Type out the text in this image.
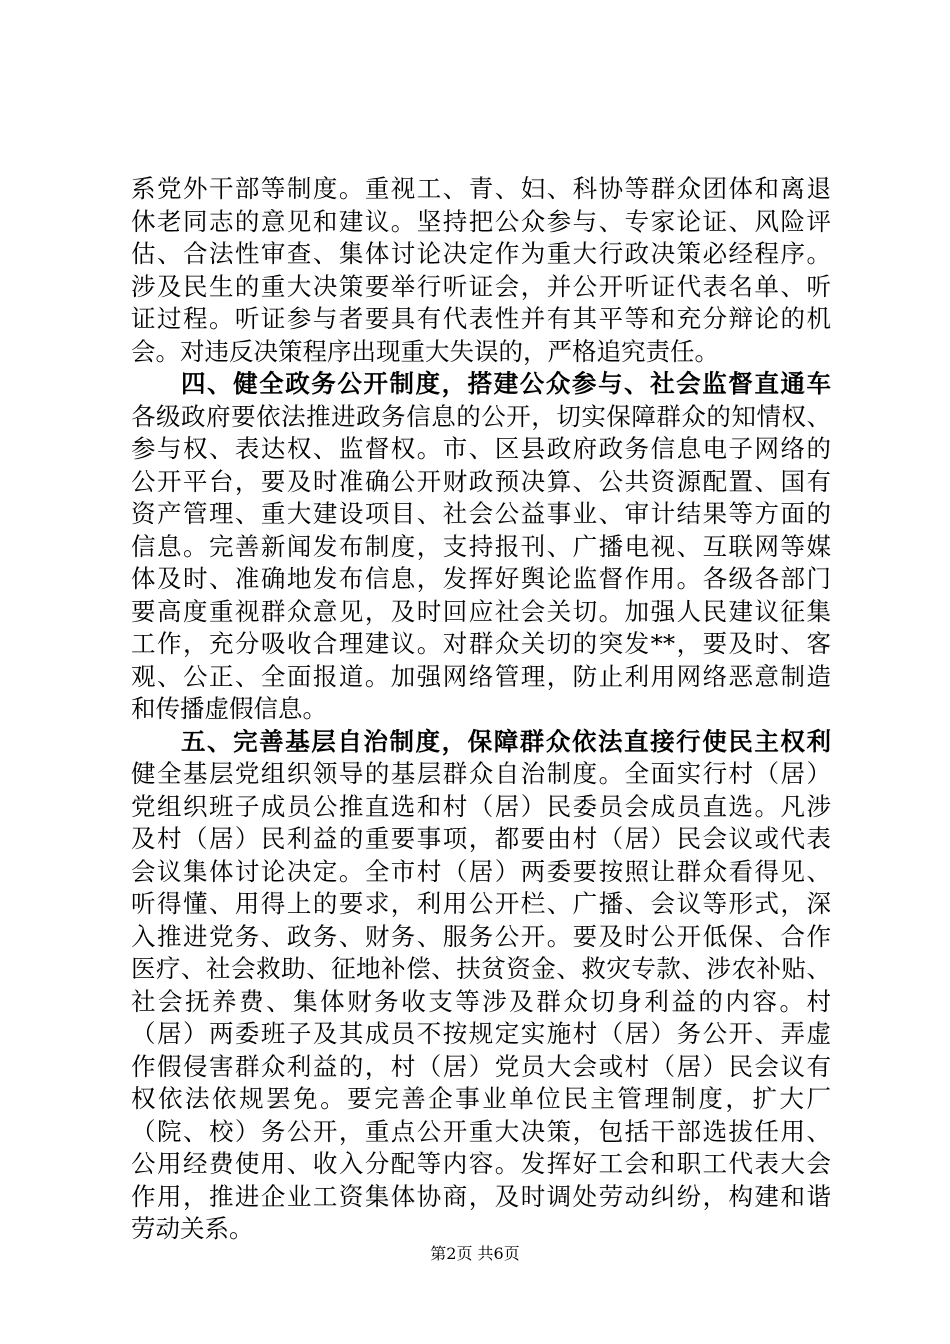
系党外干部等制度。重视工、青、妇、科协等群众团体和离退
休老同志的意见和建议。坚持把公众参与、专家论证、风险评
估、合法性审查、集体讨论决定作为重大行政决策必经程序。
涉及民生的重大决策要举行听证会，并公开听证代表名单、听
证过程。听证参与者要具有代表性并有其平等和充分辩论的机
会。对违反决策程序出现重大失误的，严格追究责任。
四、健全政务公开制度，搭建公众参与、社会监督直通车
各级政府要依法推进政务信息的公开，切实保障群众的知情权、
参与权、表达权、监督权。市、区县政府政务信息电子网络的
公开平台，要及时准确公开财政预决算、公共资源配置、国有
资产管理、重大建设项目、社会公益事业、审计结果等方面的
信息。完善新闻发布制度，支持报刊、广播电视、互联网等媒
体及时、准确地发布信息，发挥好舆论监督作用。各级各部门
要高度重视群众意见，及时回应社会关切。加强人民建议征集
工作，充分吸收合理建议。对群众关切的突发**，要及时、客
观、公正、全面报道。加强网络管理，防止利用网络恶意制造
和传播虚假信息。
五、完善基层自治制度，保障群众依法直接行使民主权利
健全基层党组织领导的基层群众自治制度。全面实行村（居）
党组织班子成员公推直选和村（居）民委员会成员直选。凡涉
及村（居）民利益的重要事项，都要由村（居）民会议或代表
会议集体讨论决定。全市村（居）两委要按照让群众看得见、
听得懂、用得上的要求，利用公开栏、广播、会议等形式，深
入推进党务、政务、财务、服务公开。要及时公开低保、合作
医疗、社会救助、征地补偿、扶贫资金、救灾专款、涉农补贴、
社会抚养费、集体财务收支等涉及群众切身利益的内容。村
（居）两委班子及其成员不按规定实施村（居）务公开、弄虚
作假侵害群众利益的，村（居）党员大会或村（居）民会议有
权依法依规罢免。要完善企事业单位民主管理制度，扩大厂
（院、校）务公开，重点公开重大决策，包括干部选拔任用、
公用经费使用、收入分配等内容。发挥好工会和职工代表大会
作用，推进企业工资集体协商，及时调处劳动纠纷，构建和谐
劳动关系。
第2页 共6页
